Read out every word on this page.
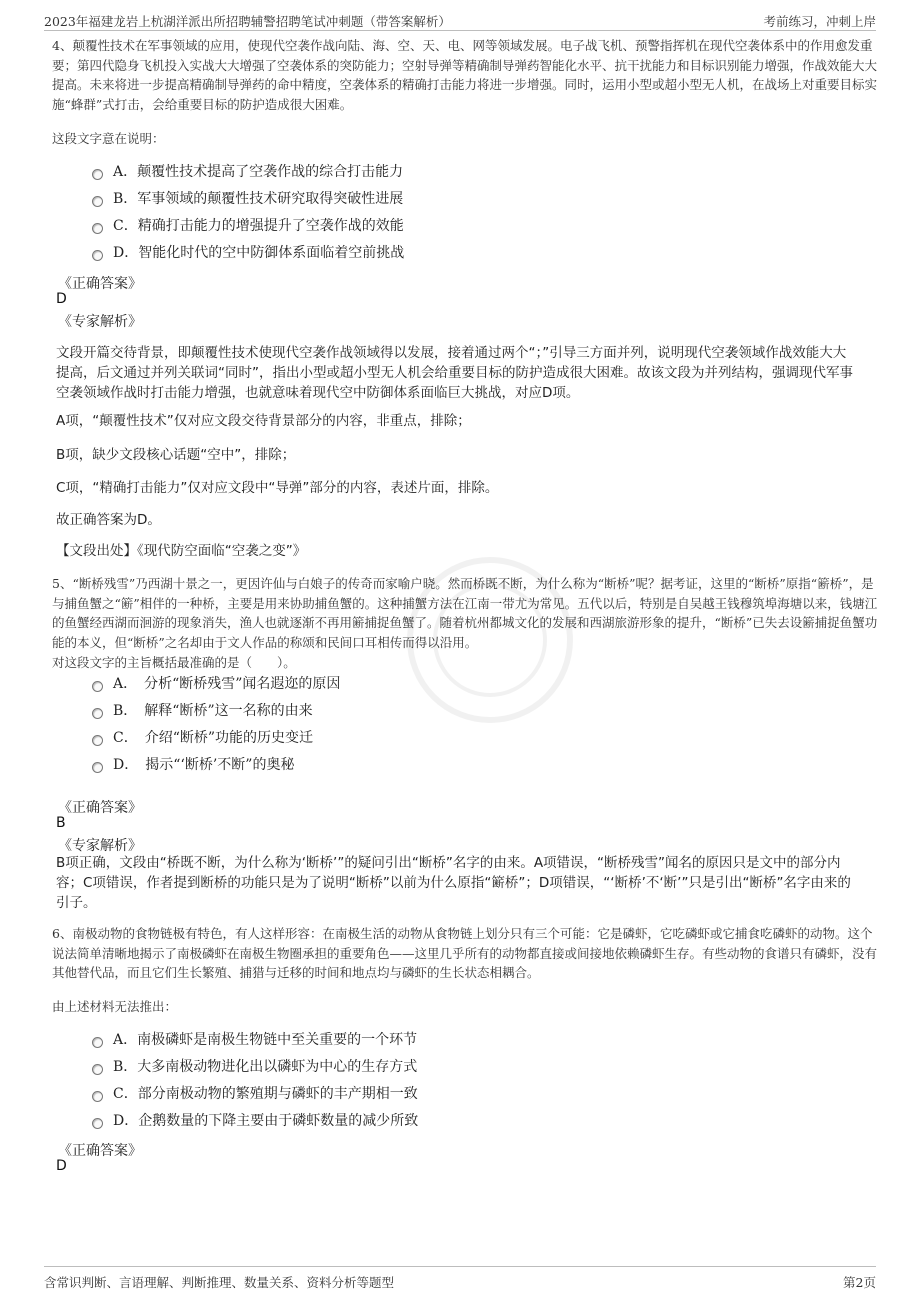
2023年福建龙岩上杭湖洋派出所招聘辅警招聘笔试冲刺题（带答案解析）	考前练习，冲刺上岸
4、颠覆性技术在军事领域的应用，使现代空袭作战向陆、海、空、天、电、网等领域发展。电子战飞机、预警指挥机在现代空袭体系中的作用愈发重要；第四代隐身飞机投入实战大大增强了空袭体系的突防能力；空射导弹等精确制导弹药智能化水平、抗干扰能力和目标识别能力增强，作战效能大大提高。未来将进一步提高精确制导弹药的命中精度，空袭体系的精确打击能力将进一步增强。同时，运用小型或超小型无人机，在战场上对重要目标实施“蜂群”式打击，会给重要目标的防护造成很大困难。
这段文字意在说明：
A．颠覆性技术提高了空袭作战的综合打击能力
B．军事领域的颠覆性技术研究取得突破性进展
C．精确打击能力的增强提升了空袭作战的效能
D．智能化时代的空中防御体系面临着空前挑战
《正确答案》
D
《专家解析》
文段开篇交待背景，即颠覆性技术使现代空袭作战领域得以发展，接着通过两个“；”引导三方面并列，说明现代空袭领域作战效能大大提高，后文通过并列关联词“同时”，指出小型或超小型无人机会给重要目标的防护造成很大困难。故该文段为并列结构，强调现代军事空袭领域作战时打击能力增强，也就意味着现代空中防御体系面临巨大挑战，对应D项。
A项，“颠覆性技术”仅对应文段交待背景部分的内容，非重点，排除；
B项，缺少文段核心话题“空中”，排除；
C项，“精确打击能力”仅对应文段中“导弹”部分的内容，表述片面，排除。
故正确答案为D。
【文段出处】《现代防空面临“空袭之变”》
5、“断桥残雪”乃西湖十景之一，更因许仙与白娘子的传奇而家喻户晓。然而桥既不断，为什么称为“断桥”呢？据考证，这里的“断桥”原指“簖桥”，是与捕鱼蟹之“簖”相伴的一种桥，主要是用来协助捕鱼蟹的。这种捕蟹方法在江南一带尤为常见。五代以后，特别是自吴越王钱穆筑埠海塘以来，钱塘江的鱼蟹经西湖而洄游的现象消失，渔人也就逐渐不再用簖捕捉鱼蟹了。随着杭州都城文化的发展和西湖旅游形象的提升，“断桥”已失去设簖捕捉鱼蟹功能的本义，但“断桥”之名却由于文人作品的称颂和民间口耳相传而得以沿用。
对这段文字的主旨概括最准确的是（　　）。
A．　分析“断桥残雪”闻名遐迩的原因
B．　解释“断桥”这一名称的由来
C．　介绍“断桥”功能的历史变迁
D．　揭示“‘断桥’不断”的奥秘
《正确答案》
B
《专家解析》
B项正确，文段由“桥既不断，为什么称为‘断桥’”的疑问引出“断桥”名字的由来。A项错误，“断桥残雪”闻名的原因只是文中的部分内容；C项错误，作者提到断桥的功能只是为了说明“断桥”以前为什么原指“簖桥”；D项错误，“‘断桥’不‘断’”只是引出“断桥”名字由来的引子。
6、南极动物的食物链极有特色，有人这样形容：在南极生活的动物从食物链上划分只有三个可能：它是磷虾，它吃磷虾或它捕食吃磷虾的动物。这个说法简单清晰地揭示了南极磷虾在南极生物圈承担的重要角色——这里几乎所有的动物都直接或间接地依赖磷虾生存。有些动物的食谱只有磷虾，没有其他替代品，而且它们生长繁殖、捕猎与迁移的时间和地点均与磷虾的生长状态相耦合。
由上述材料无法推出：
A．南极磷虾是南极生物链中至关重要的一个环节
B．大多南极动物进化出以磷虾为中心的生存方式
C．部分南极动物的繁殖期与磷虾的丰产期相一致
D．企鹅数量的下降主要由于磷虾数量的减少所致
《正确答案》
D
含常识判断、言语理解、判断推理、数量关系、资料分析等题型	第2页
